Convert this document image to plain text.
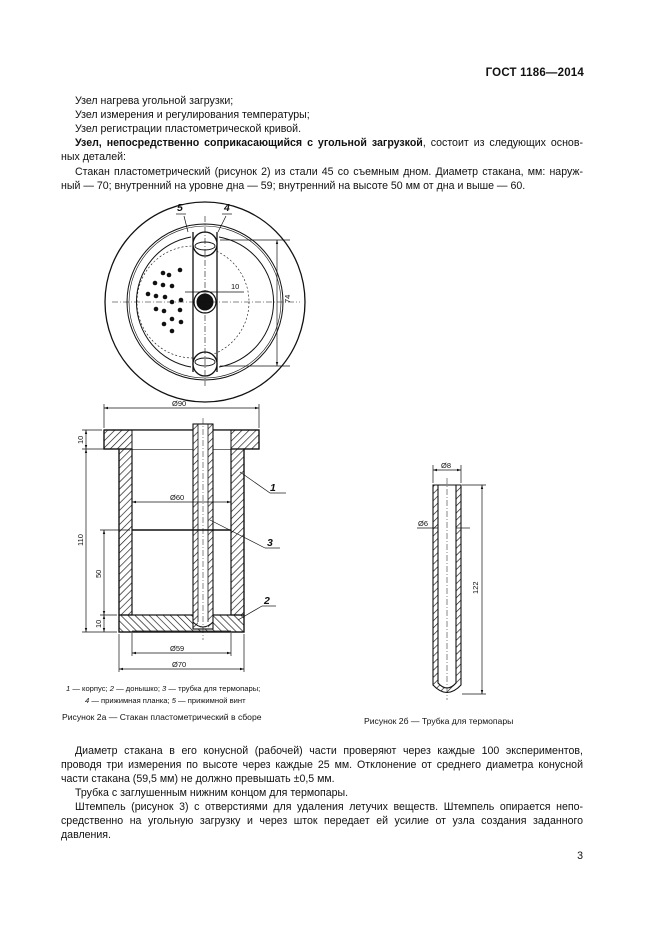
ГОСТ 1186—2014
Узел нагрева угольной загрузки;
Узел измерения и регулирования температуры;
Узел регистрации пластометрической кривой.
Узел, непосредственно соприкасающийся с угольной загрузкой, состоит из следующих основ-
ных деталей:
Стакан пластометрический (рисунок 2) из стали 45 со съемным дном. Диаметр стакана, мм: наруж-
ный — 70; внутренний на уровне дна — 59; внутренний на высоте 50 мм от дна и выше — 60.
5	4
10
74
Ø90
Ø60
Ø59
Ø70
10
110
50
10
1
3
2
Ø8
Ø6
122
1 — корпус; 2 — донышко; 3 — трубка для термопары;
4 — прижимная планка; 5 — прижимной винт
Рисунок 2а — Стакан пластометрический в сборе	Рисунок 2б — Трубка для термопары
Диаметр стакана в его конусной (рабочей) части проверяют через каждые 100 экспериментов,
проводя три измерения по высоте через каждые 25 мм. Отклонение от среднего диаметра конусной
части стакана (59,5 мм) не должно превышать ±0,5 мм.
Трубка с заглушенным нижним концом для термопары.
Штемпель (рисунок 3) с отверстиями для удаления летучих веществ. Штемпель опирается непо-
средственно на угольную загрузку и через шток передает ей усилие от узла создания заданного
давления.
3
